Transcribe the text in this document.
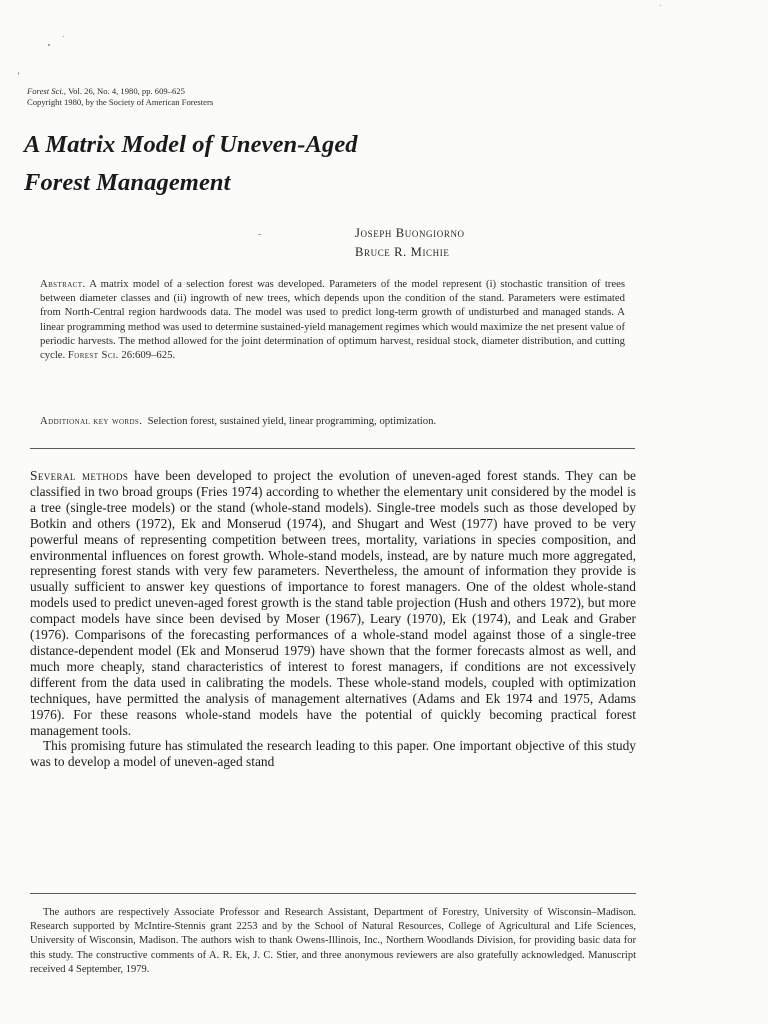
Forest Sci., Vol. 26, No. 4, 1980, pp. 609–625
Copyright 1980, by the Society of American Foresters
A Matrix Model of Uneven-Aged
Forest Management
Joseph Buongiorno
Bruce R. Michie
Abstract. A matrix model of a selection forest was developed. Parameters of the model represent (i) stochastic transition of trees between diameter classes and (ii) ingrowth of new trees, which depends upon the condition of the stand. Parameters were estimated from North-Central region hardwoods data. The model was used to predict long-term growth of undisturbed and managed stands. A linear programming method was used to determine sustained-yield management regimes which would maximize the net present value of periodic harvests. The method allowed for the joint determination of optimum harvest, residual stock, diameter distribution, and cutting cycle. Forest Sci. 26:609–625.
Additional key words. Selection forest, sustained yield, linear programming, optimization.

Several methods have been developed to project the evolution of uneven-aged forest stands. They can be classified in two broad groups (Fries 1974) according to whether the elementary unit considered by the model is a tree (single-tree models) or the stand (whole-stand models). Single-tree models such as those developed by Botkin and others (1972), Ek and Monserud (1974), and Shugart and West (1977) have proved to be very powerful means of representing competition between trees, mortality, variations in species composition, and environmental influences on forest growth. Whole-stand models, instead, are by nature much more aggregated, representing forest stands with very few parameters. Nevertheless, the amount of information they provide is usually sufficient to answer key questions of importance to forest managers. One of the oldest whole-stand models used to predict uneven-aged forest growth is the stand table projection (Hush and others 1972), but more compact models have since been devised by Moser (1967), Leary (1970), Ek (1974), and Leak and Graber (1976). Comparisons of the forecasting performances of a whole-stand model against those of a single-tree distance-dependent model (Ek and Monserud 1979) have shown that the former forecasts almost as well, and much more cheaply, stand characteristics of interest to forest managers, if conditions are not excessively different from the data used in calibrating the models. These whole-stand models, coupled with optimization techniques, have permitted the analysis of management alternatives (Adams and Ek 1974 and 1975, Adams 1976). For these reasons whole-stand models have the potential of quickly becoming practical forest management tools.

This promising future has stimulated the research leading to this paper. One important objective of this study was to develop a model of uneven-aged stand

The authors are respectively Associate Professor and Research Assistant, Department of Forestry, University of Wisconsin–Madison. Research supported by McIntire-Stennis grant 2253 and by the School of Natural Resources, College of Agricultural and Life Sciences, University of Wisconsin, Madison. The authors wish to thank Owens-Illinois, Inc., Northern Woodlands Division, for providing basic data for this study. The constructive comments of A. R. Ek, J. C. Stier, and three anonymous reviewers are also gratefully acknowledged. Manuscript received 4 September, 1979.
